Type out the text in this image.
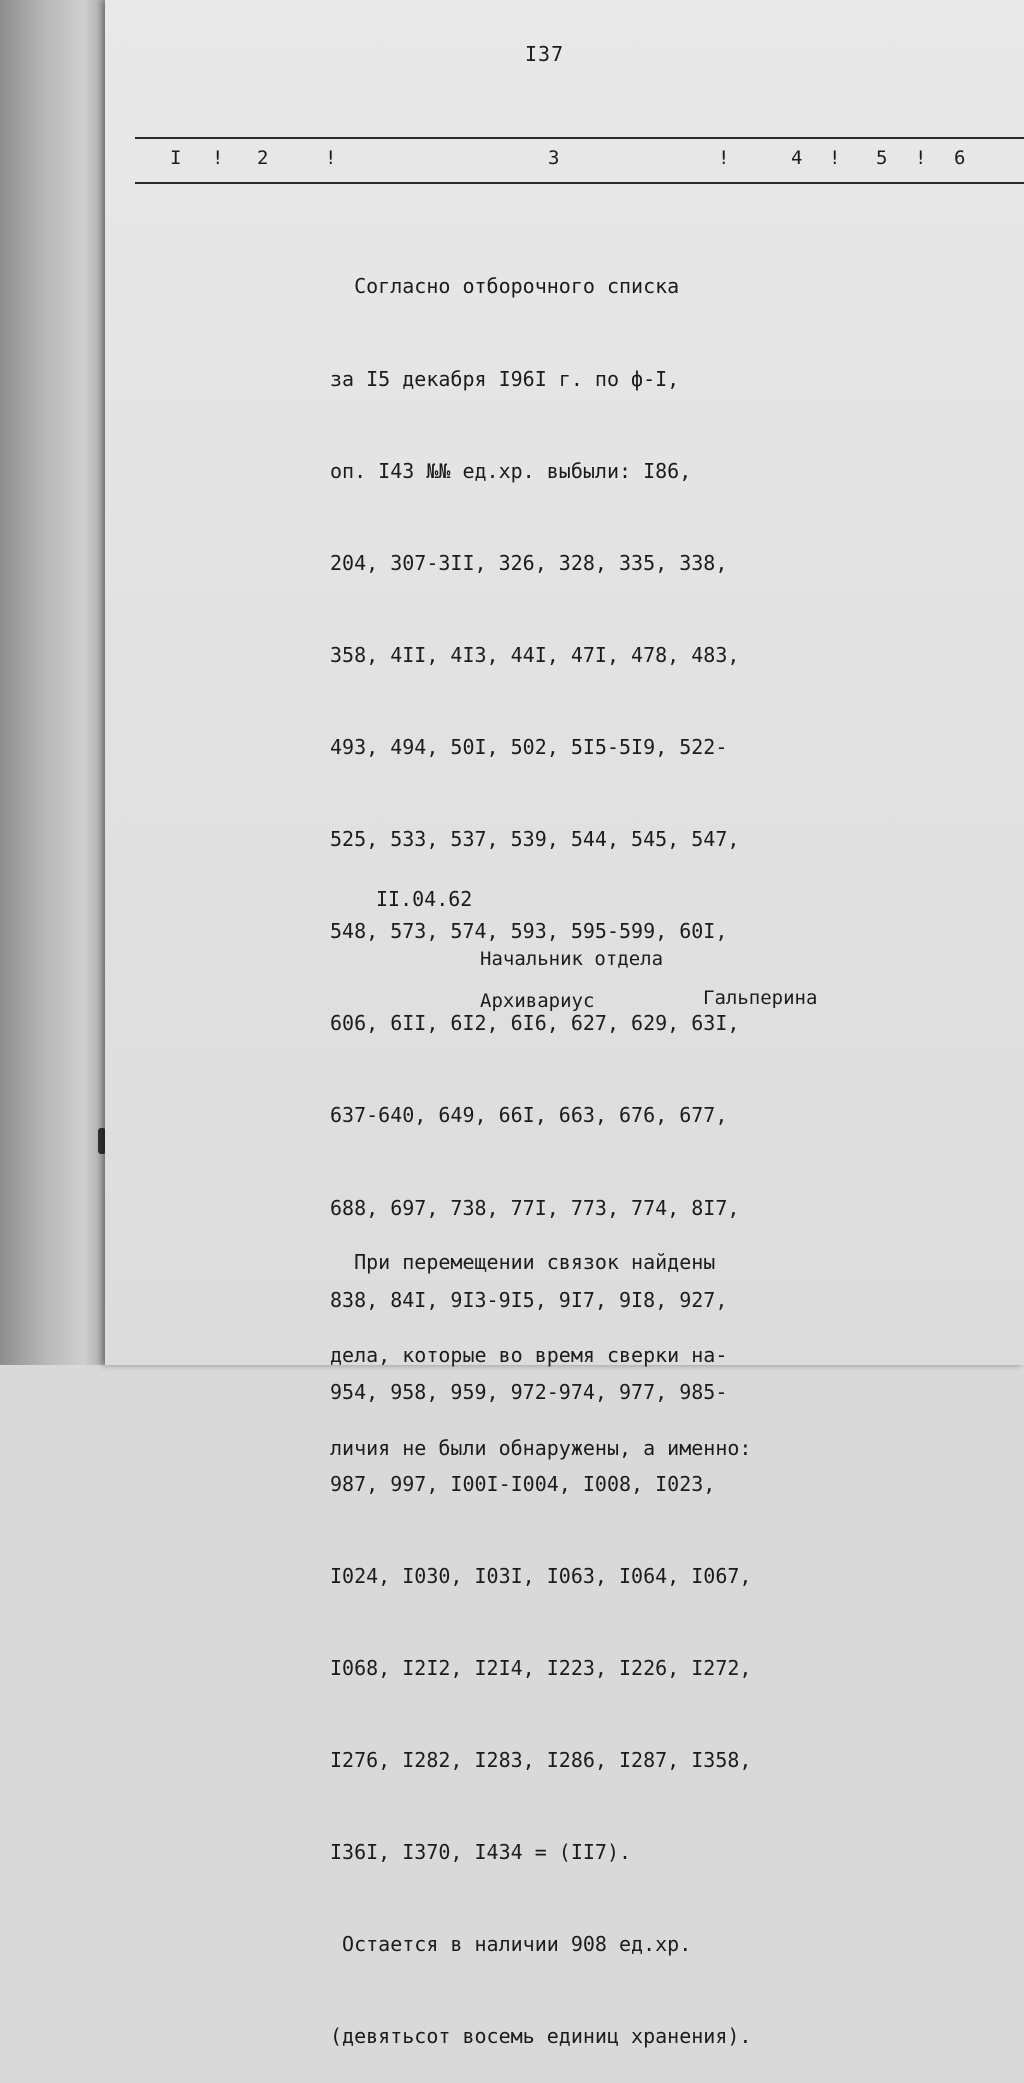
I37
I ! 2	!	3	!	4 ! 5 ! 6

Согласно отборочного списка

за I5 декабря I96I г. по ф-I,

оп. I43 №№ ед.хр. выбыли: I86,

204, 307-3II, 326, 328, 335, 338,

358, 4II, 4I3, 44I, 47I, 478, 483,

493, 494, 50I, 502, 5I5-5I9, 522-

525, 533, 537, 539, 544, 545, 547,

548, 573, 574, 593, 595-599, 60I,

606, 6II, 6I2, 6I6, 627, 629, 63I,

637-640, 649, 66I, 663, 676, 677,

688, 697, 738, 77I, 773, 774, 8I7,

838, 84I, 9I3-9I5, 9I7, 9I8, 927,

954, 958, 959, 972-974, 977, 985-

987, 997, I00I-I004, I008, I023,

I024, I030, I03I, I063, I064, I067,

I068, I2I2, I2I4, I223, I226, I272,

I276, I282, I283, I286, I287, I358,

I36I, I370, I434 = (II7).

Остается в наличии 908 ед.хр.

(девятьсот восемь единиц хранения).

II.04.62
Начальник отдела
Архивариус	Гальперина

При перемещении связок найдены

дела, которые во время сверки на-

личия не были обнаружены, а именно:
